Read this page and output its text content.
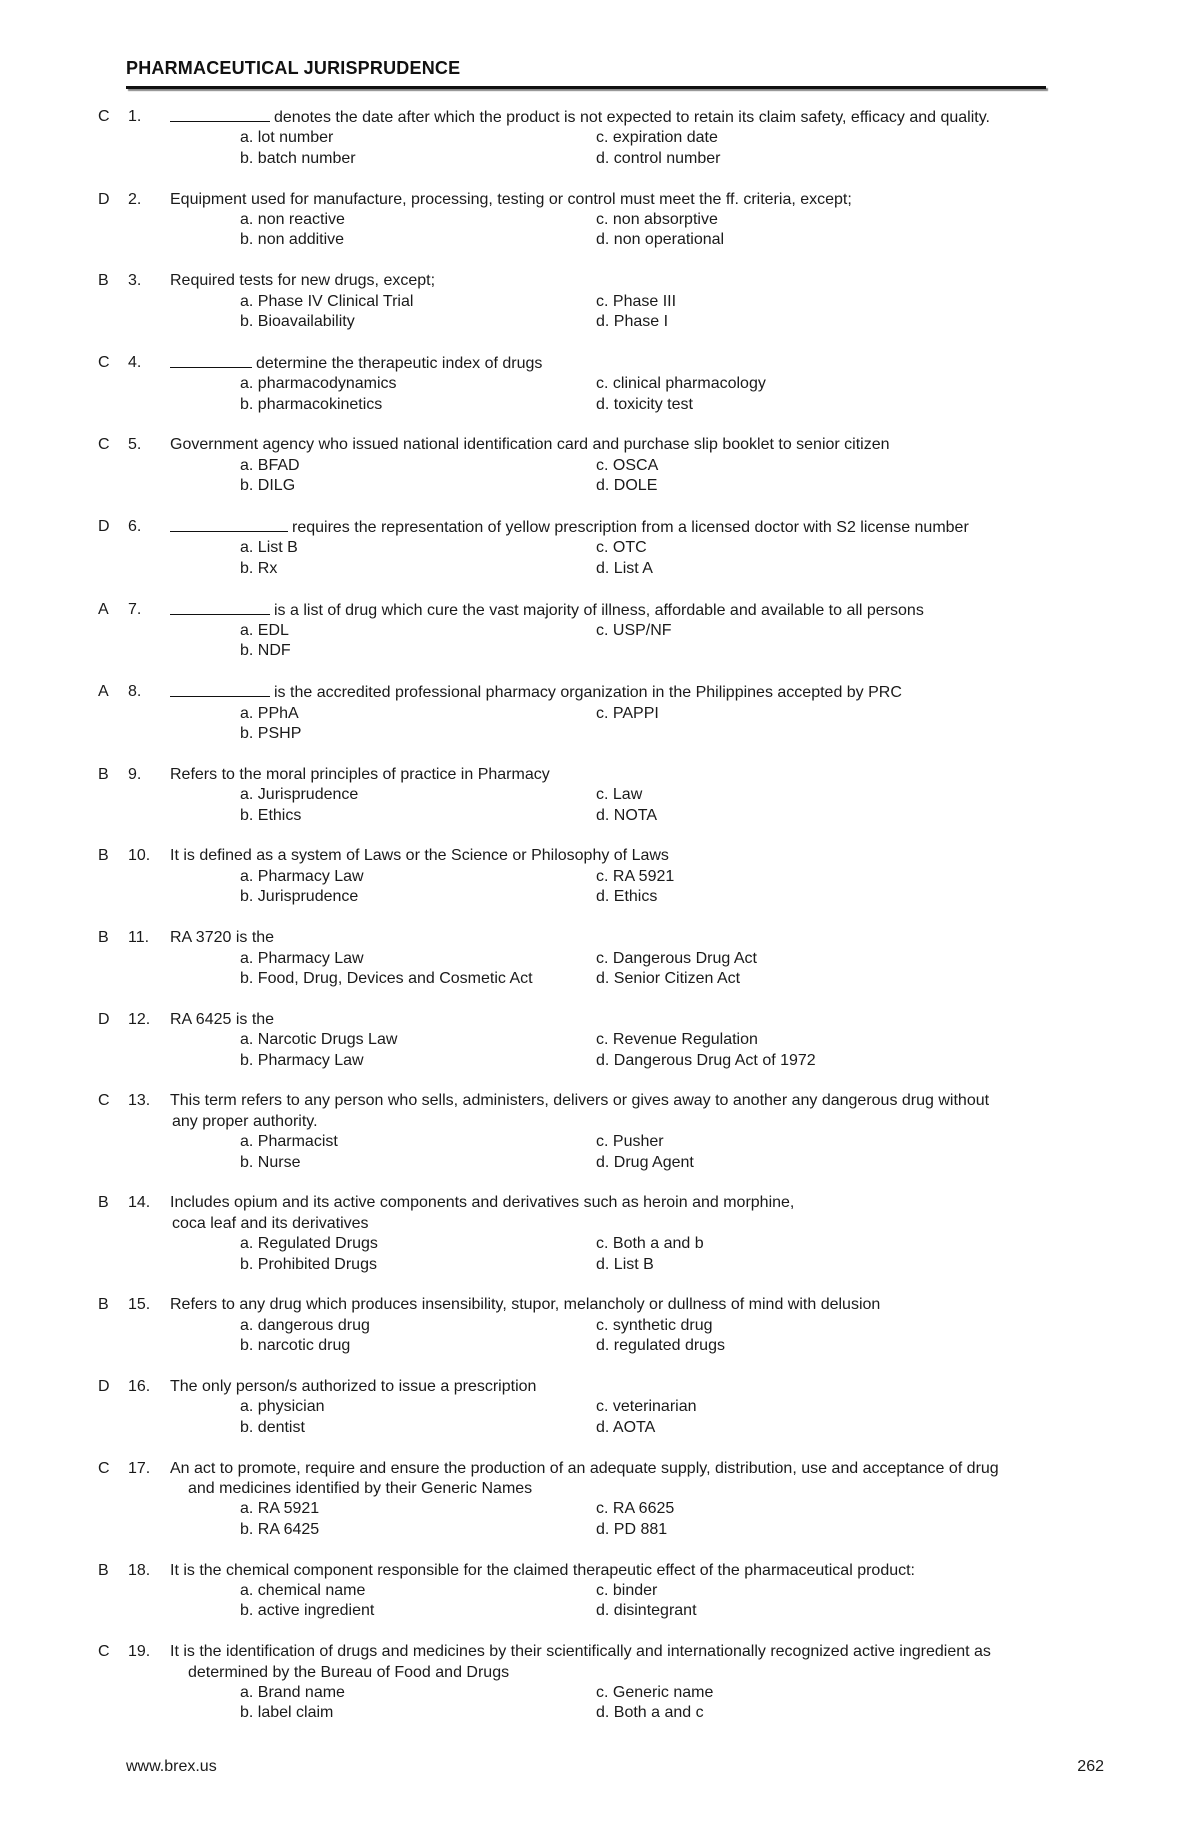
PHARMACEUTICAL JURISPRUDENCE
C	1.	denotes the date after which the product is not expected to retain its claim safety, efficacy and quality.
a. lot number	c. expiration date
b. batch number	d. control number
D	2.	Equipment used for manufacture, processing, testing or control must meet the ff. criteria, except;
a. non reactive	c. non absorptive
b. non additive	d. non operational
B	3.	Required tests for new drugs, except;
a. Phase IV Clinical Trial	c. Phase III
b. Bioavailability	d. Phase I
C	4.	determine the therapeutic index of drugs
a. pharmacodynamics	c. clinical pharmacology
b. pharmacokinetics	d. toxicity test
C	5.	Government agency who issued national identification card and purchase slip booklet to senior citizen
a. BFAD	c. OSCA
b. DILG	d. DOLE
D	6.	requires the representation of yellow prescription from a licensed doctor with S2 license number
a. List B	c. OTC
b. Rx	d. List A
A	7.	is a list of drug which cure the vast majority of illness, affordable and available to all persons
a. EDL	c. USP/NF
b. NDF
A	8.	is the accredited professional pharmacy organization in the Philippines accepted by PRC
a. PPhA	c. PAPPI
b. PSHP
B	9.	Refers to the moral principles of practice in Pharmacy
a. Jurisprudence	c. Law
b. Ethics	d. NOTA
B	10.	It is defined as a system of Laws or the Science or Philosophy of Laws
a. Pharmacy Law	c. RA 5921
b. Jurisprudence	d. Ethics
B	11.	RA 3720 is the
a. Pharmacy Law	c. Dangerous Drug Act
b. Food, Drug, Devices and Cosmetic Act	d. Senior Citizen Act
D	12.	RA 6425 is the
a. Narcotic Drugs Law	c. Revenue Regulation
b. Pharmacy Law	d. Dangerous Drug Act of 1972
C	13.	This term refers to any person who sells, administers, delivers or gives away to another any dangerous drug without
any proper authority.
a. Pharmacist	c. Pusher
b. Nurse	d. Drug Agent
B	14.	Includes opium and its active components and derivatives such as heroin and morphine,
coca leaf and its derivatives
a. Regulated Drugs	c. Both a and b
b. Prohibited Drugs	d. List B
B	15.	Refers to any drug which produces insensibility, stupor, melancholy or dullness of mind with delusion
a. dangerous drug	c. synthetic drug
b. narcotic drug	d. regulated drugs
D	16.	The only person/s authorized to issue a prescription
a. physician	c. veterinarian
b. dentist	d. AOTA
C	17.	An act to promote, require and ensure the production of an adequate supply, distribution, use and acceptance of drug
and medicines identified by their Generic Names
a. RA 5921	c. RA 6625
b. RA 6425	d. PD 881
B	18.	It is the chemical component responsible for the claimed therapeutic effect of the pharmaceutical product:
a. chemical name	c. binder
b. active ingredient	d. disintegrant
C	19.	It is the identification of drugs and medicines by their scientifically and internationally recognized active ingredient as
determined by the Bureau of Food and Drugs
a. Brand name	c. Generic name
b. label claim	d. Both a and c
www.brex.us	262
